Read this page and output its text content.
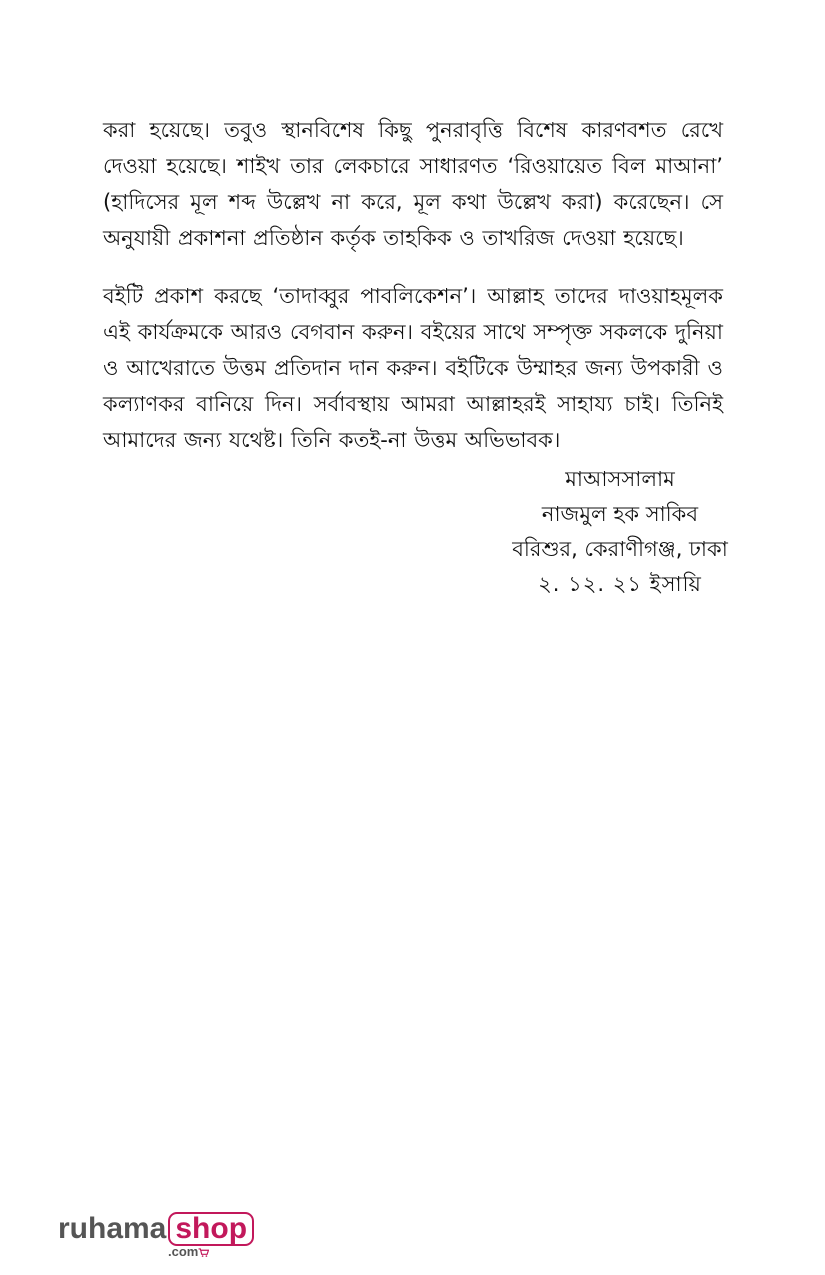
করা হয়েছে। তবুও স্থানবিশেষ কিছু পুনরাবৃত্তি বিশেষ কারণবশত রেখে দেওয়া হয়েছে। শাইখ তার লেকচারে সাধারণত ‘রিওয়ায়েত বিল মাআনা’ (হাদিসের মূল শব্দ উল্লেখ না করে, মূল কথা উল্লেখ করা) করেছেন। সে অনুযায়ী প্রকাশনা প্রতিষ্ঠান কর্তৃক তাহকিক ও তাখরিজ দেওয়া হয়েছে।

বইটি প্রকাশ করছে ‘তাদাব্বুর পাবলিকেশন’। আল্লাহ তাদের দাওয়াহমূলক এই কার্যক্রমকে আরও বেগবান করুন। বইয়ের সাথে সম্পৃক্ত সকলকে দুনিয়া ও আখেরাতে উত্তম প্রতিদান দান করুন। বইটিকে উম্মাহর জন্য উপকারী ও কল্যাণকর বানিয়ে দিন। সর্বাবস্থায় আমরা আল্লাহরই সাহায্য চাই। তিনিই আমাদের জন্য যথেষ্ট। তিনি কতই-না উত্তম অভিভাবক।

মাআসসালাম
নাজমুল হক সাকিব
বরিশুর, কেরাণীগঞ্জ, ঢাকা
২. ১২. ২১ ইসায়ি
ruhama shop
.com
